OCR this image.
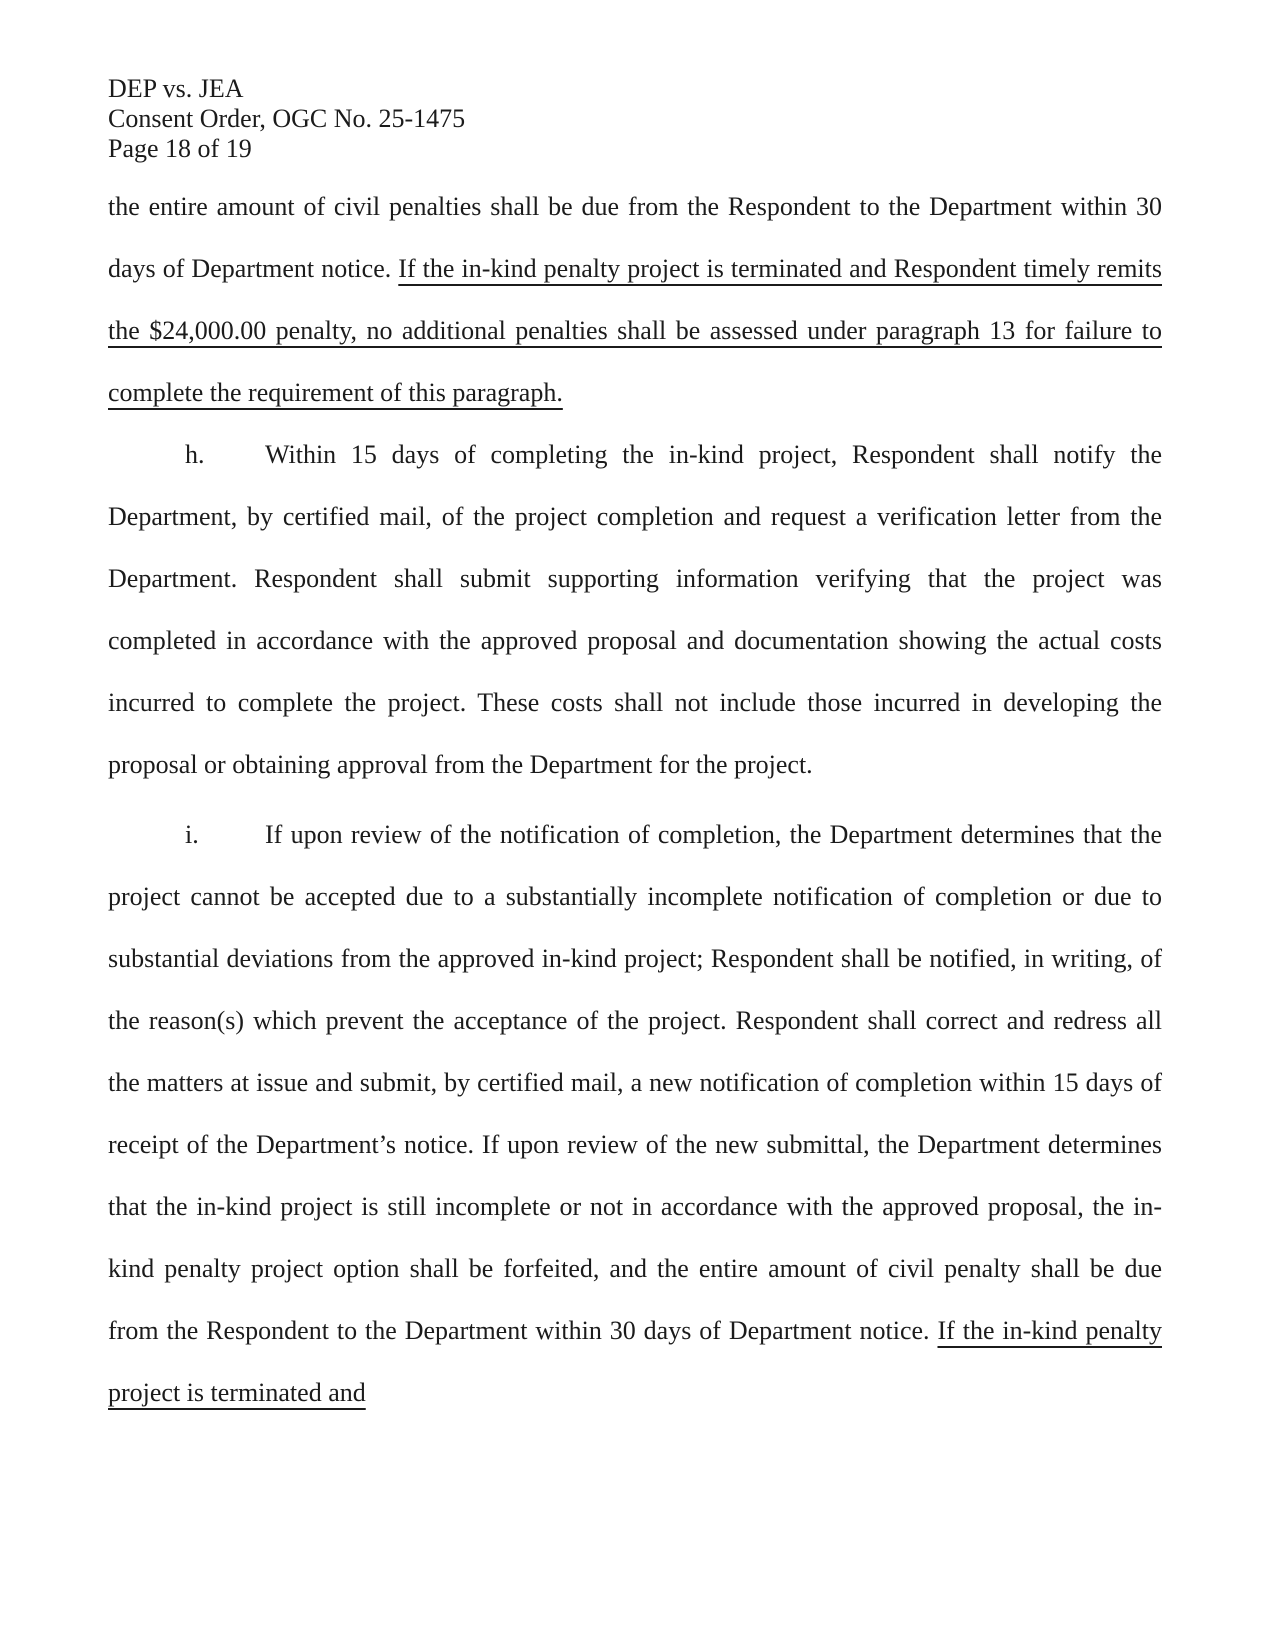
DEP vs. JEA
Consent Order, OGC No. 25-1475
Page 18 of 19

the entire amount of civil penalties shall be due from the Respondent to the Department within 30 days of Department notice. If the in-kind penalty project is terminated and Respondent timely remits the $24,000.00 penalty, no additional penalties shall be assessed under paragraph 13 for failure to complete the requirement of this paragraph.

h. Within 15 days of completing the in-kind project, Respondent shall notify the Department, by certified mail, of the project completion and request a verification letter from the Department. Respondent shall submit supporting information verifying that the project was completed in accordance with the approved proposal and documentation showing the actual costs incurred to complete the project. These costs shall not include those incurred in developing the proposal or obtaining approval from the Department for the project.

i.	If upon review of the notification of completion, the Department determines that the project cannot be accepted due to a substantially incomplete notification of completion or due to substantial deviations from the approved in-kind project; Respondent shall be notified, in writing, of the reason(s) which prevent the acceptance of the project. Respondent shall correct and redress all the matters at issue and submit, by certified mail, a new notification of completion within 15 days of receipt of the Department’s notice. If upon review of the new submittal, the Department determines that the in-kind project is still incomplete or not in accordance with the approved proposal, the in-kind penalty project option shall be forfeited, and the entire amount of civil penalty shall be due from the Respondent to the Department within 30 days of Department notice. If the in-kind penalty project is terminated and
